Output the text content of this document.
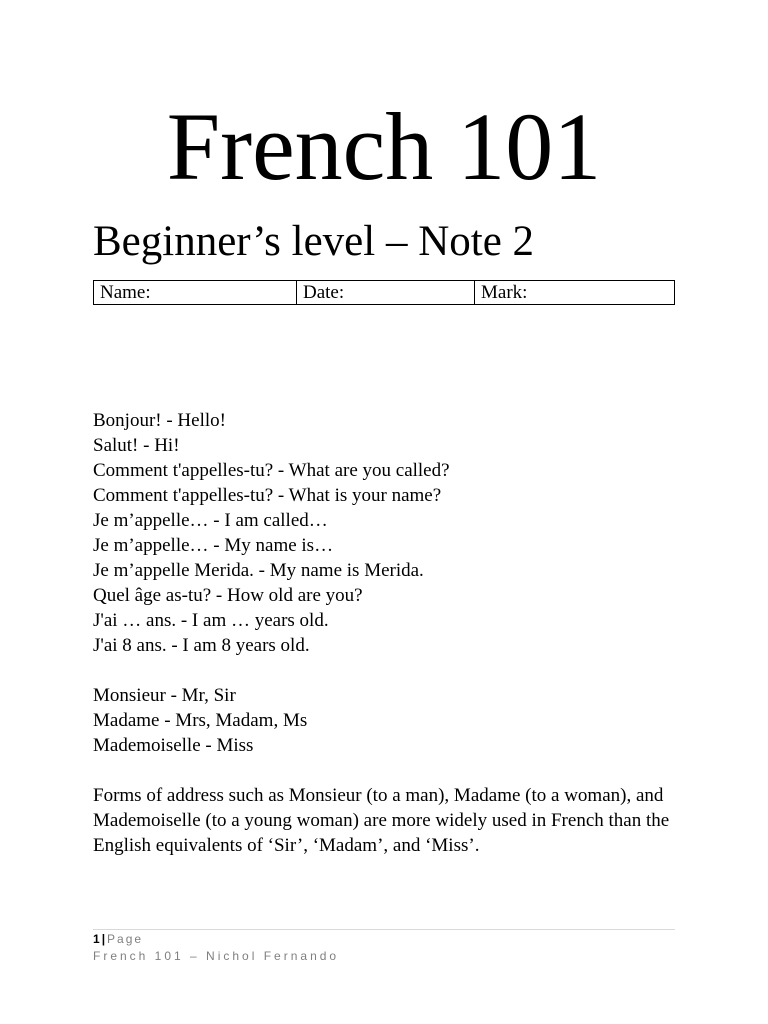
French 101
Beginner’s level – Note 2
Name:	Date:	Mark:
Bonjour! - Hello!
Salut! - Hi!
Comment t'appelles-tu? - What are you called?
Comment t'appelles-tu? - What is your name?
Je m’appelle… - I am called…
Je m’appelle… - My name is…
Je m’appelle Merida. - My name is Merida.
Quel âge as-tu? - How old are you?
J'ai … ans. - I am … years old.
J'ai 8 ans. - I am 8 years old.
Monsieur - Mr, Sir
Madame - Mrs, Madam, Ms
Mademoiselle - Miss
Forms of address such as Monsieur (to a man), Madame (to a woman), and Mademoiselle (to a young woman) are more widely used in French than the English equivalents of ‘Sir’, ‘Madam’, and ‘Miss’.
1 | Page
French 101 – Nichol Fernando
